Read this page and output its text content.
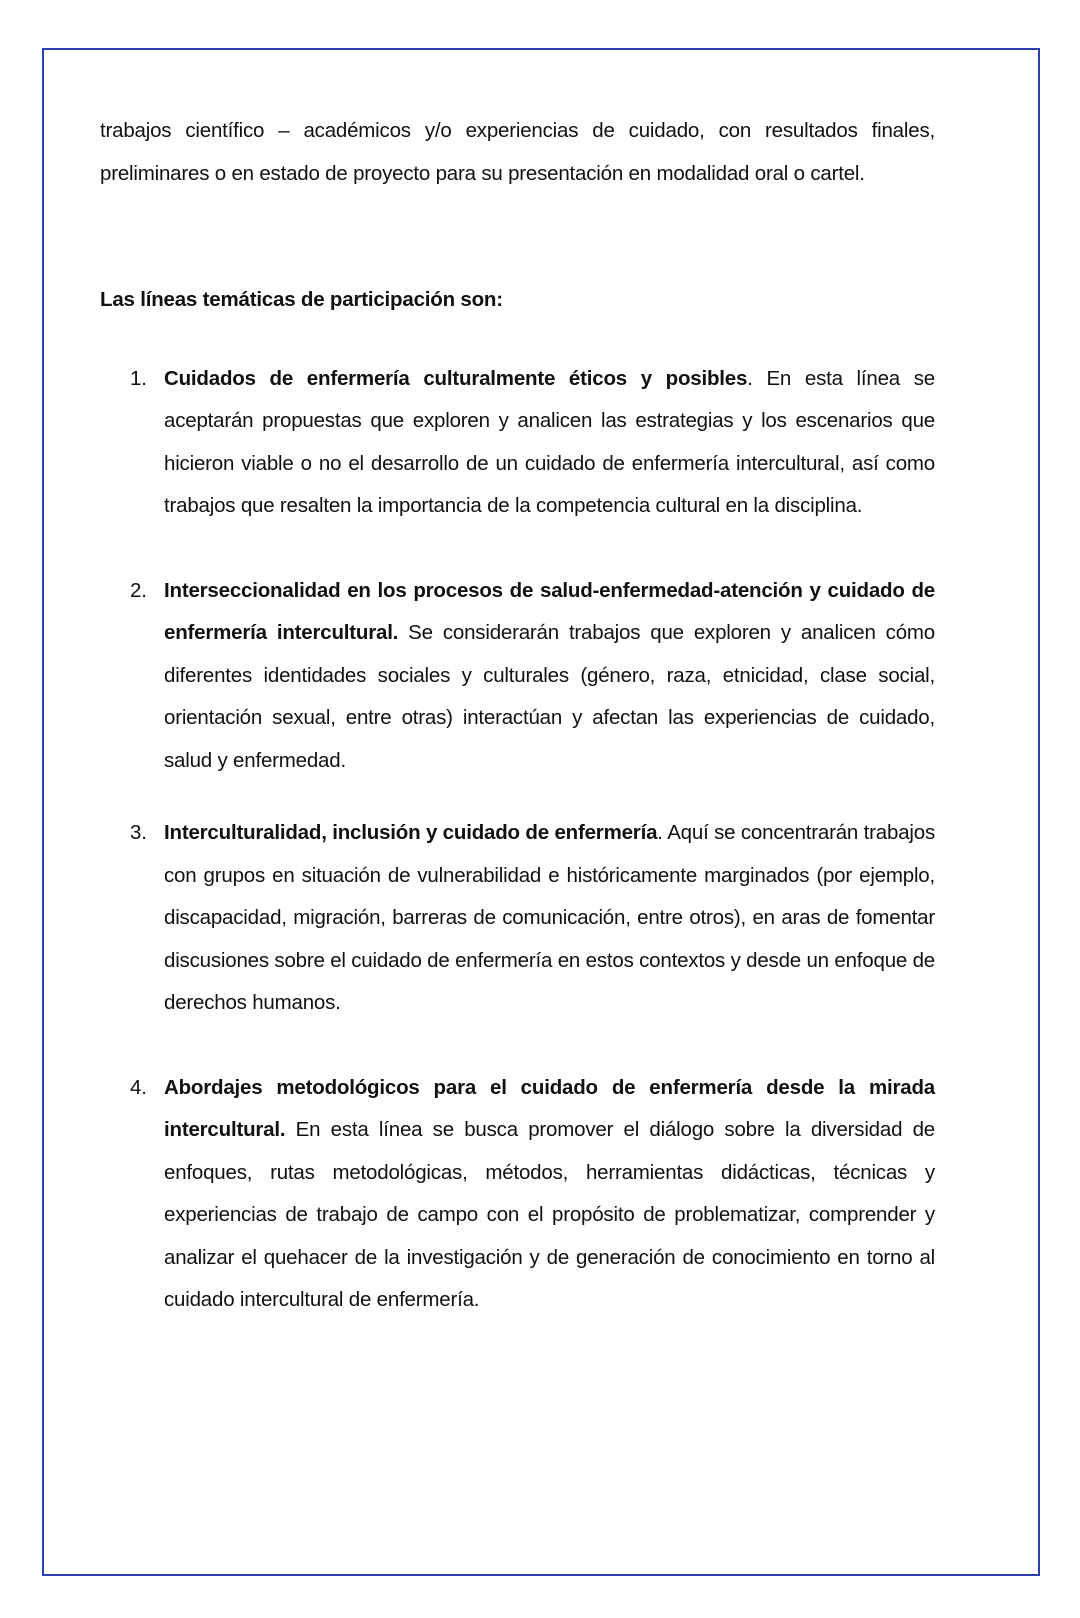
trabajos científico – académicos y/o experiencias de cuidado, con resultados finales, preliminares o en estado de proyecto para su presentación en modalidad oral o cartel.

Las líneas temáticas de participación son:
1. Cuidados de enfermería culturalmente éticos y posibles. En esta línea se aceptarán propuestas que exploren y analicen las estrategias y los escenarios que hicieron viable o no el desarrollo de un cuidado de enfermería intercultural, así como trabajos que resalten la importancia de la competencia cultural en la disciplina.
2. Interseccionalidad en los procesos de salud-enfermedad-atención y cuidado de enfermería intercultural. Se considerarán trabajos que exploren y analicen cómo diferentes identidades sociales y culturales (género, raza, etnicidad, clase social, orientación sexual, entre otras) interactúan y afectan las experiencias de cuidado, salud y enfermedad.
3. Interculturalidad, inclusión y cuidado de enfermería. Aquí se concentrarán trabajos con grupos en situación de vulnerabilidad e históricamente marginados (por ejemplo, discapacidad, migración, barreras de comunicación, entre otros), en aras de fomentar discusiones sobre el cuidado de enfermería en estos contextos y desde un enfoque de derechos humanos.
4. Abordajes metodológicos para el cuidado de enfermería desde la mirada intercultural. En esta línea se busca promover el diálogo sobre la diversidad de enfoques, rutas metodológicas, métodos, herramientas didácticas, técnicas y experiencias de trabajo de campo con el propósito de problematizar, comprender y analizar el quehacer de la investigación y de generación de conocimiento en torno al cuidado intercultural de enfermería.
